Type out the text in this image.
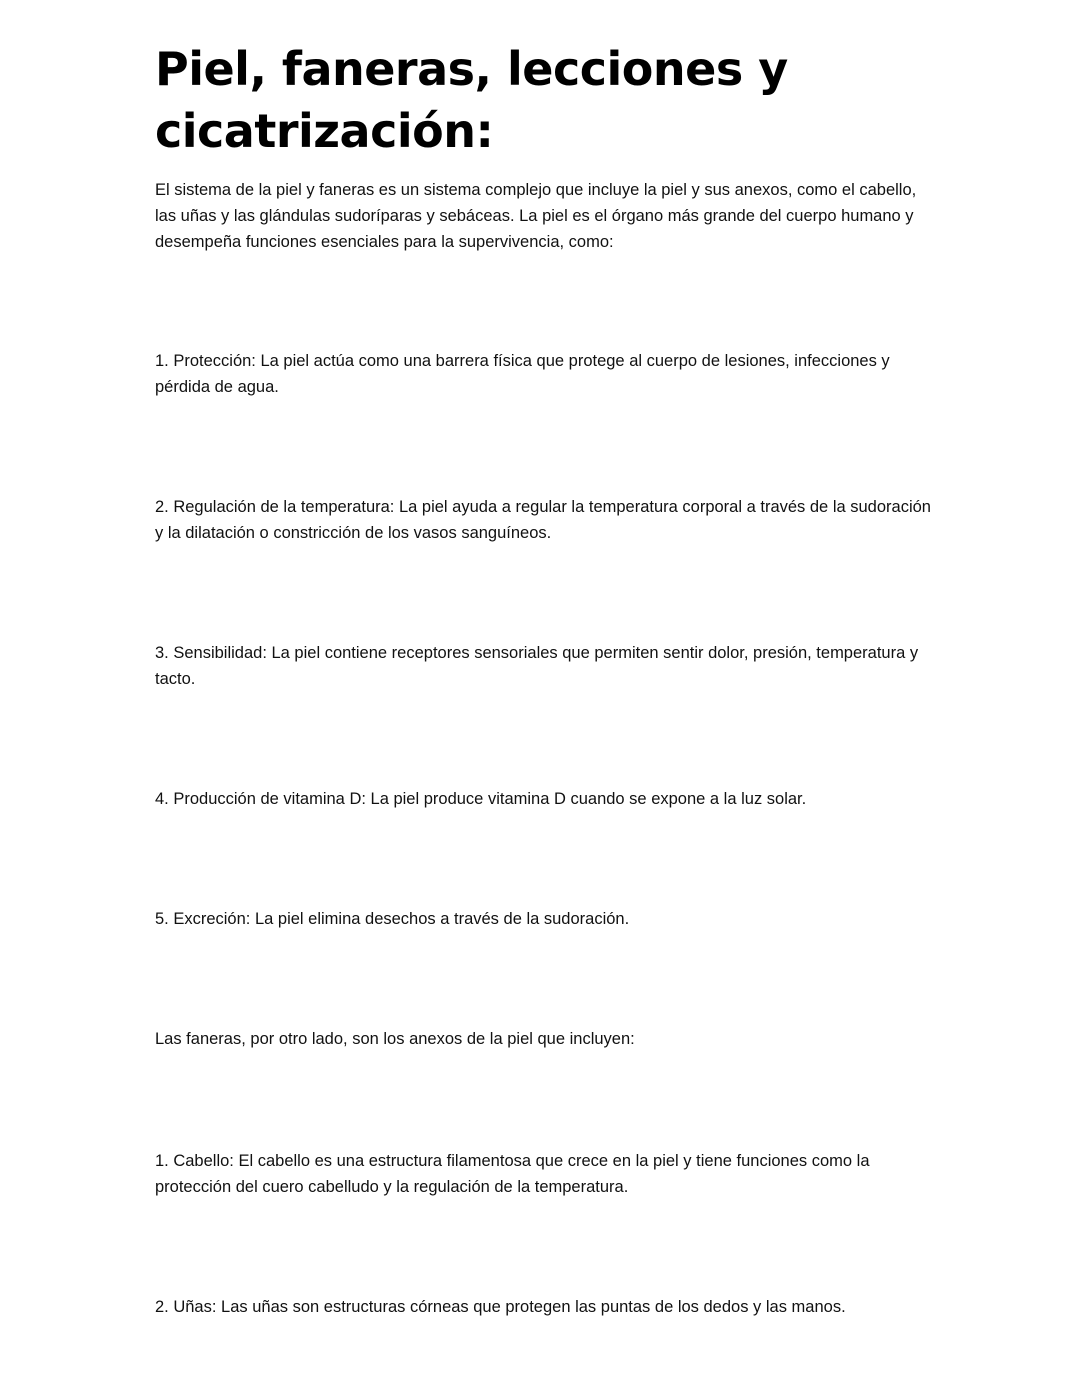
Piel, faneras, lecciones y cicatrización:

El sistema de la piel y faneras es un sistema complejo que incluye la piel y sus anexos, como el cabello, las uñas y las glándulas sudoríparas y sebáceas. La piel es el órgano más grande del cuerpo humano y desempeña funciones esenciales para la supervivencia, como:

1. Protección: La piel actúa como una barrera física que protege al cuerpo de lesiones, infecciones y pérdida de agua.

2. Regulación de la temperatura: La piel ayuda a regular la temperatura corporal a través de la sudoración y la dilatación o constricción de los vasos sanguíneos.

3. Sensibilidad: La piel contiene receptores sensoriales que permiten sentir dolor, presión, temperatura y tacto.

4. Producción de vitamina D: La piel produce vitamina D cuando se expone a la luz solar.

5. Excreción: La piel elimina desechos a través de la sudoración.

Las faneras, por otro lado, son los anexos de la piel que incluyen:

1. Cabello: El cabello es una estructura filamentosa que crece en la piel y tiene funciones como la protección del cuero cabelludo y la regulación de la temperatura.

2. Uñas: Las uñas son estructuras córneas que protegen las puntas de los dedos y las manos.
